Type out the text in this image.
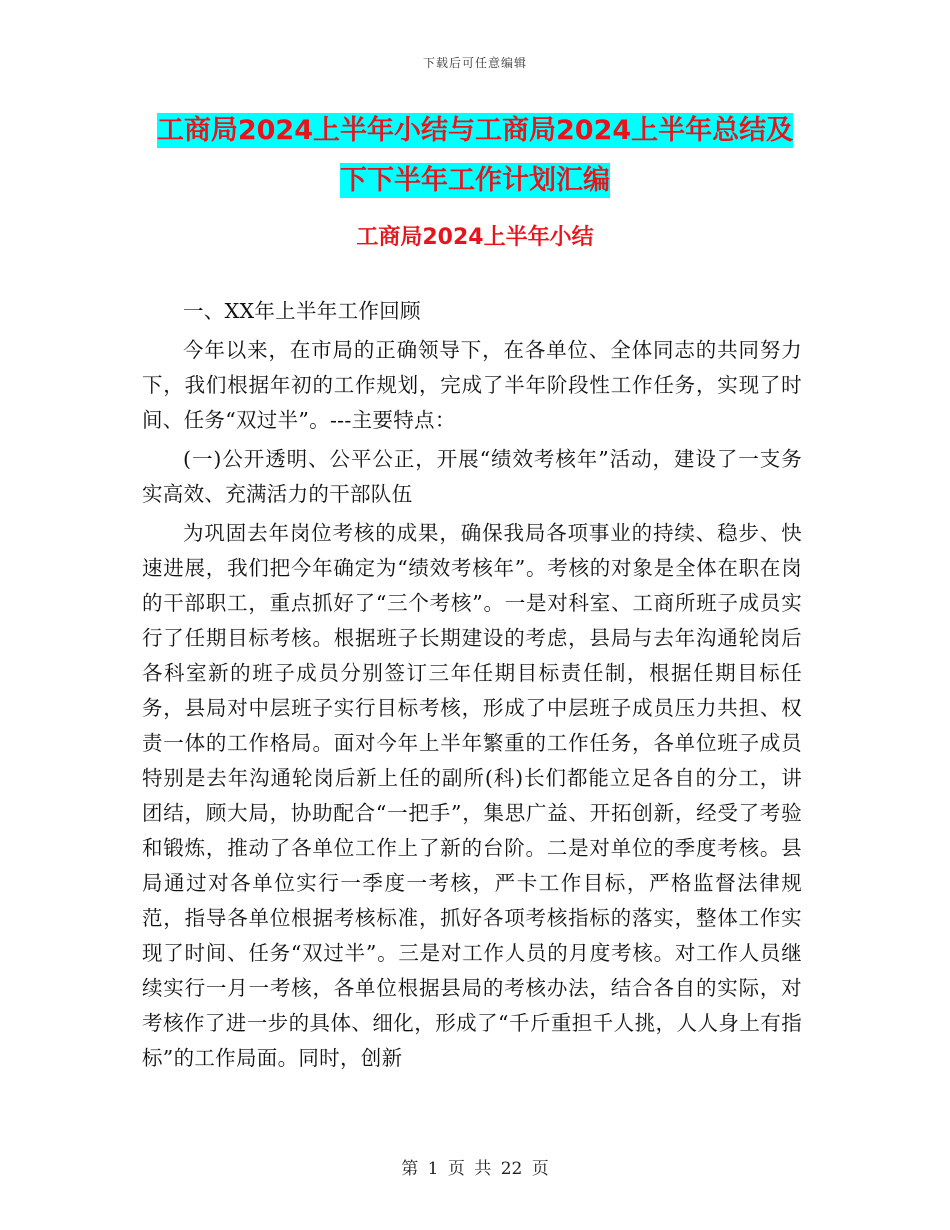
下载后可任意编辑
工商局2024上半年小结与工商局2024上半年总结及
下下半年工作计划汇编
工商局2024上半年小结

一、XX年上半年工作回顾

今年以来，在市局的正确领导下，在各单位、全体同志的共同努力下，我们根据年初的工作规划，完成了半年阶段性工作任务，实现了时间、任务“双过半”。---主要特点：

(一)公开透明、公平公正，开展“绩效考核年”活动，建设了一支务实高效、充满活力的干部队伍

为巩固去年岗位考核的成果，确保我局各项事业的持续、稳步、快速进展，我们把今年确定为“绩效考核年”。考核的对象是全体在职在岗的干部职工，重点抓好了“三个考核”。一是对科室、工商所班子成员实行了任期目标考核。根据班子长期建设的考虑，县局与去年沟通轮岗后各科室新的班子成员分别签订三年任期目标责任制，根据任期目标任务，县局对中层班子实行目标考核，形成了中层班子成员压力共担、权责一体的工作格局。面对今年上半年繁重的工作任务，各单位班子成员特别是去年沟通轮岗后新上任的副所(科)长们都能立足各自的分工，讲团结，顾大局，协助配合“一把手”，集思广益、开拓创新，经受了考验和锻炼，推动了各单位工作上了新的台阶。二是对单位的季度考核。县局通过对各单位实行一季度一考核，严卡工作目标，严格监督法律规范，指导各单位根据考核标准，抓好各项考核指标的落实，整体工作实现了时间、任务“双过半”。三是对工作人员的月度考核。对工作人员继续实行一月一考核，各单位根据县局的考核办法，结合各自的实际，对考核作了进一步的具体、细化，形成了“千斤重担千人挑，人人身上有指标”的工作局面。同时，创新

第 1 页 共 22 页
